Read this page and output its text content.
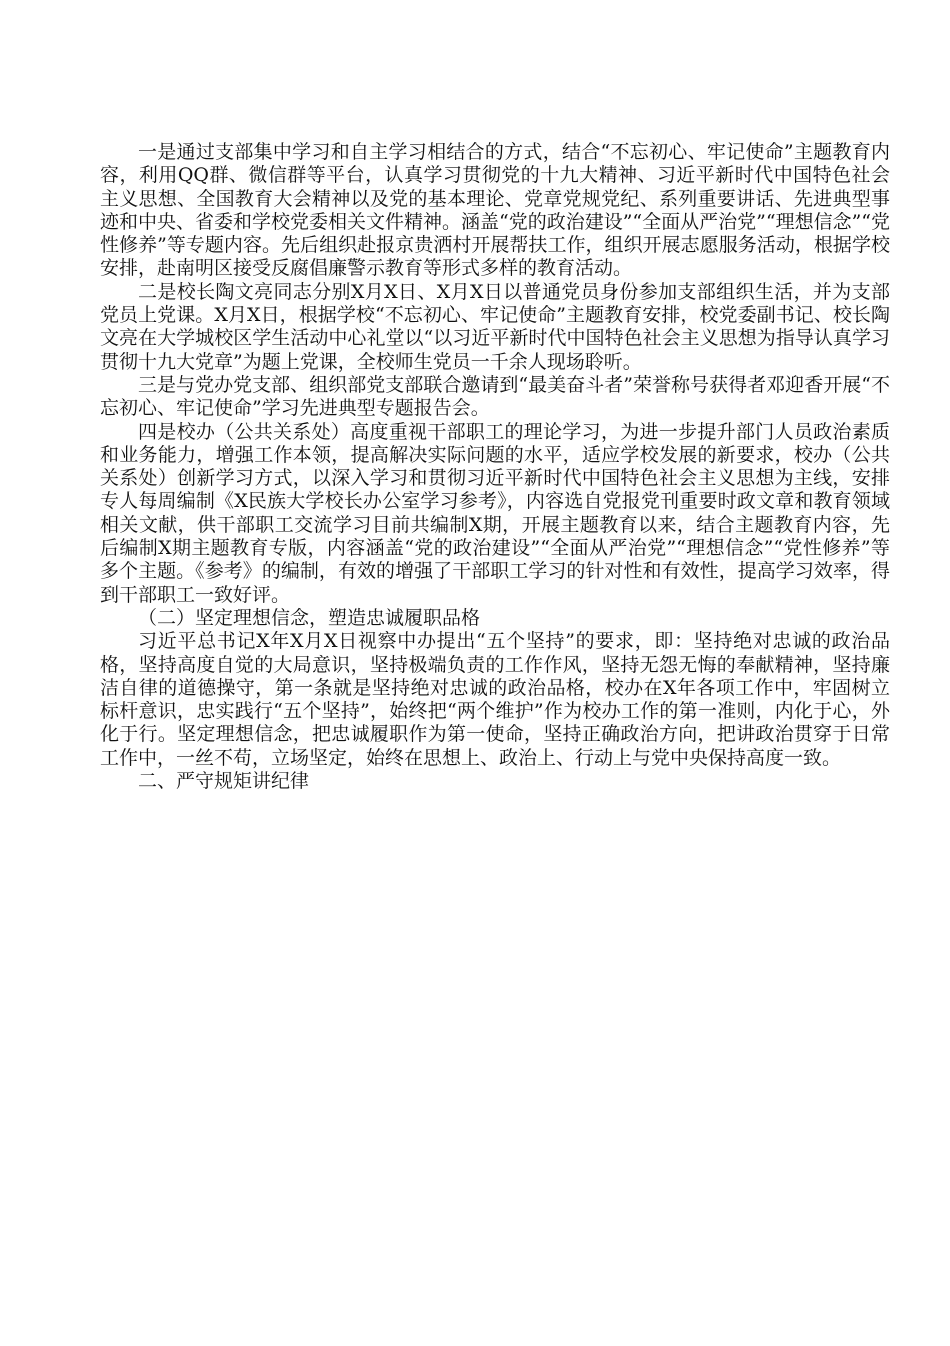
一是通过支部集中学习和自主学习相结合的方式，结合“不忘初心、牢记使命”主题教育内容，利用QQ群、微信群等平台，认真学习贯彻党的十九大精神、习近平新时代中国特色社会主义思想、全国教育大会精神以及党的基本理论、党章党规党纪、系列重要讲话、先进典型事迹和中央、省委和学校党委相关文件精神。涵盖“党的政治建设”“全面从严治党”“理想信念”“党性修养”等专题内容。先后组织赴报京贵洒村开展帮扶工作，组织开展志愿服务活动，根据学校安排，赴南明区接受反腐倡廉警示教育等形式多样的教育活动。

二是校长陶文亮同志分别X月X日、X月X日以普通党员身份参加支部组织生活，并为支部党员上党课。X月X日，根据学校“不忘初心、牢记使命”主题教育安排，校党委副书记、校长陶文亮在大学城校区学生活动中心礼堂以“以习近平新时代中国特色社会主义思想为指导认真学习贯彻十九大党章”为题上党课，全校师生党员一千余人现场聆听。

三是与党办党支部、组织部党支部联合邀请到“最美奋斗者”荣誉称号获得者邓迎香开展“不忘初心、牢记使命”学习先进典型专题报告会。

四是校办（公共关系处）高度重视干部职工的理论学习，为进一步提升部门人员政治素质和业务能力，增强工作本领，提高解决实际问题的水平，适应学校发展的新要求，校办（公共关系处）创新学习方式，以深入学习和贯彻习近平新时代中国特色社会主义思想为主线，安排专人每周编制《X民族大学校长办公室学习参考》，内容选自党报党刊重要时政文章和教育领域相关文献，供干部职工交流学习目前共编制X期，开展主题教育以来，结合主题教育内容，先后编制X期主题教育专版，内容涵盖“党的政治建设”“全面从严治党”“理想信念”“党性修养”等多个主题。《参考》的编制，有效的增强了干部职工学习的针对性和有效性，提高学习效率，得到干部职工一致好评。

（二）坚定理想信念，塑造忠诚履职品格

习近平总书记X年X月X日视察中办提出“五个坚持”的要求，即：坚持绝对忠诚的政治品格，坚持高度自觉的大局意识，坚持极端负责的工作作风，坚持无怨无悔的奉献精神，坚持廉洁自律的道德操守，第一条就是坚持绝对忠诚的政治品格，校办在X年各项工作中，牢固树立标杆意识，忠实践行“五个坚持”，始终把“两个维护”作为校办工作的第一准则，内化于心，外化于行。坚定理想信念，把忠诚履职作为第一使命，坚持正确政治方向，把讲政治贯穿于日常工作中，一丝不苟，立场坚定，始终在思想上、政治上、行动上与党中央保持高度一致。

二、严守规矩讲纪律
